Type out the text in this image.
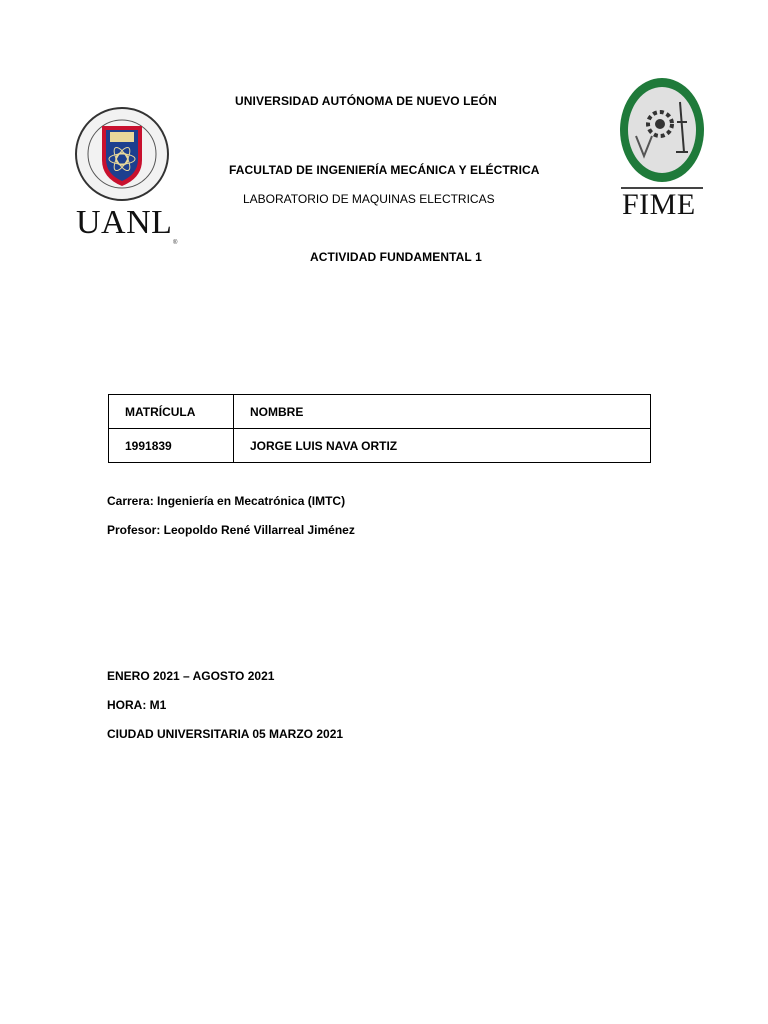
UANL
®
FIME
UNIVERSIDAD AUTÓNOMA DE NUEVO LEÓN
FACULTAD DE INGENIERÍA MECÁNICA Y ELÉCTRICA
LABORATORIO DE MAQUINAS ELECTRICAS
ACTIVIDAD FUNDAMENTAL 1
MATRÍCULA	NOMBRE
1991839	JORGE LUIS NAVA ORTIZ
Carrera: Ingeniería en Mecatrónica (IMTC)
Profesor: Leopoldo René Villarreal Jiménez
ENERO 2021 – AGOSTO 2021
HORA: M1
CIUDAD UNIVERSITARIA 05 MARZO 2021
